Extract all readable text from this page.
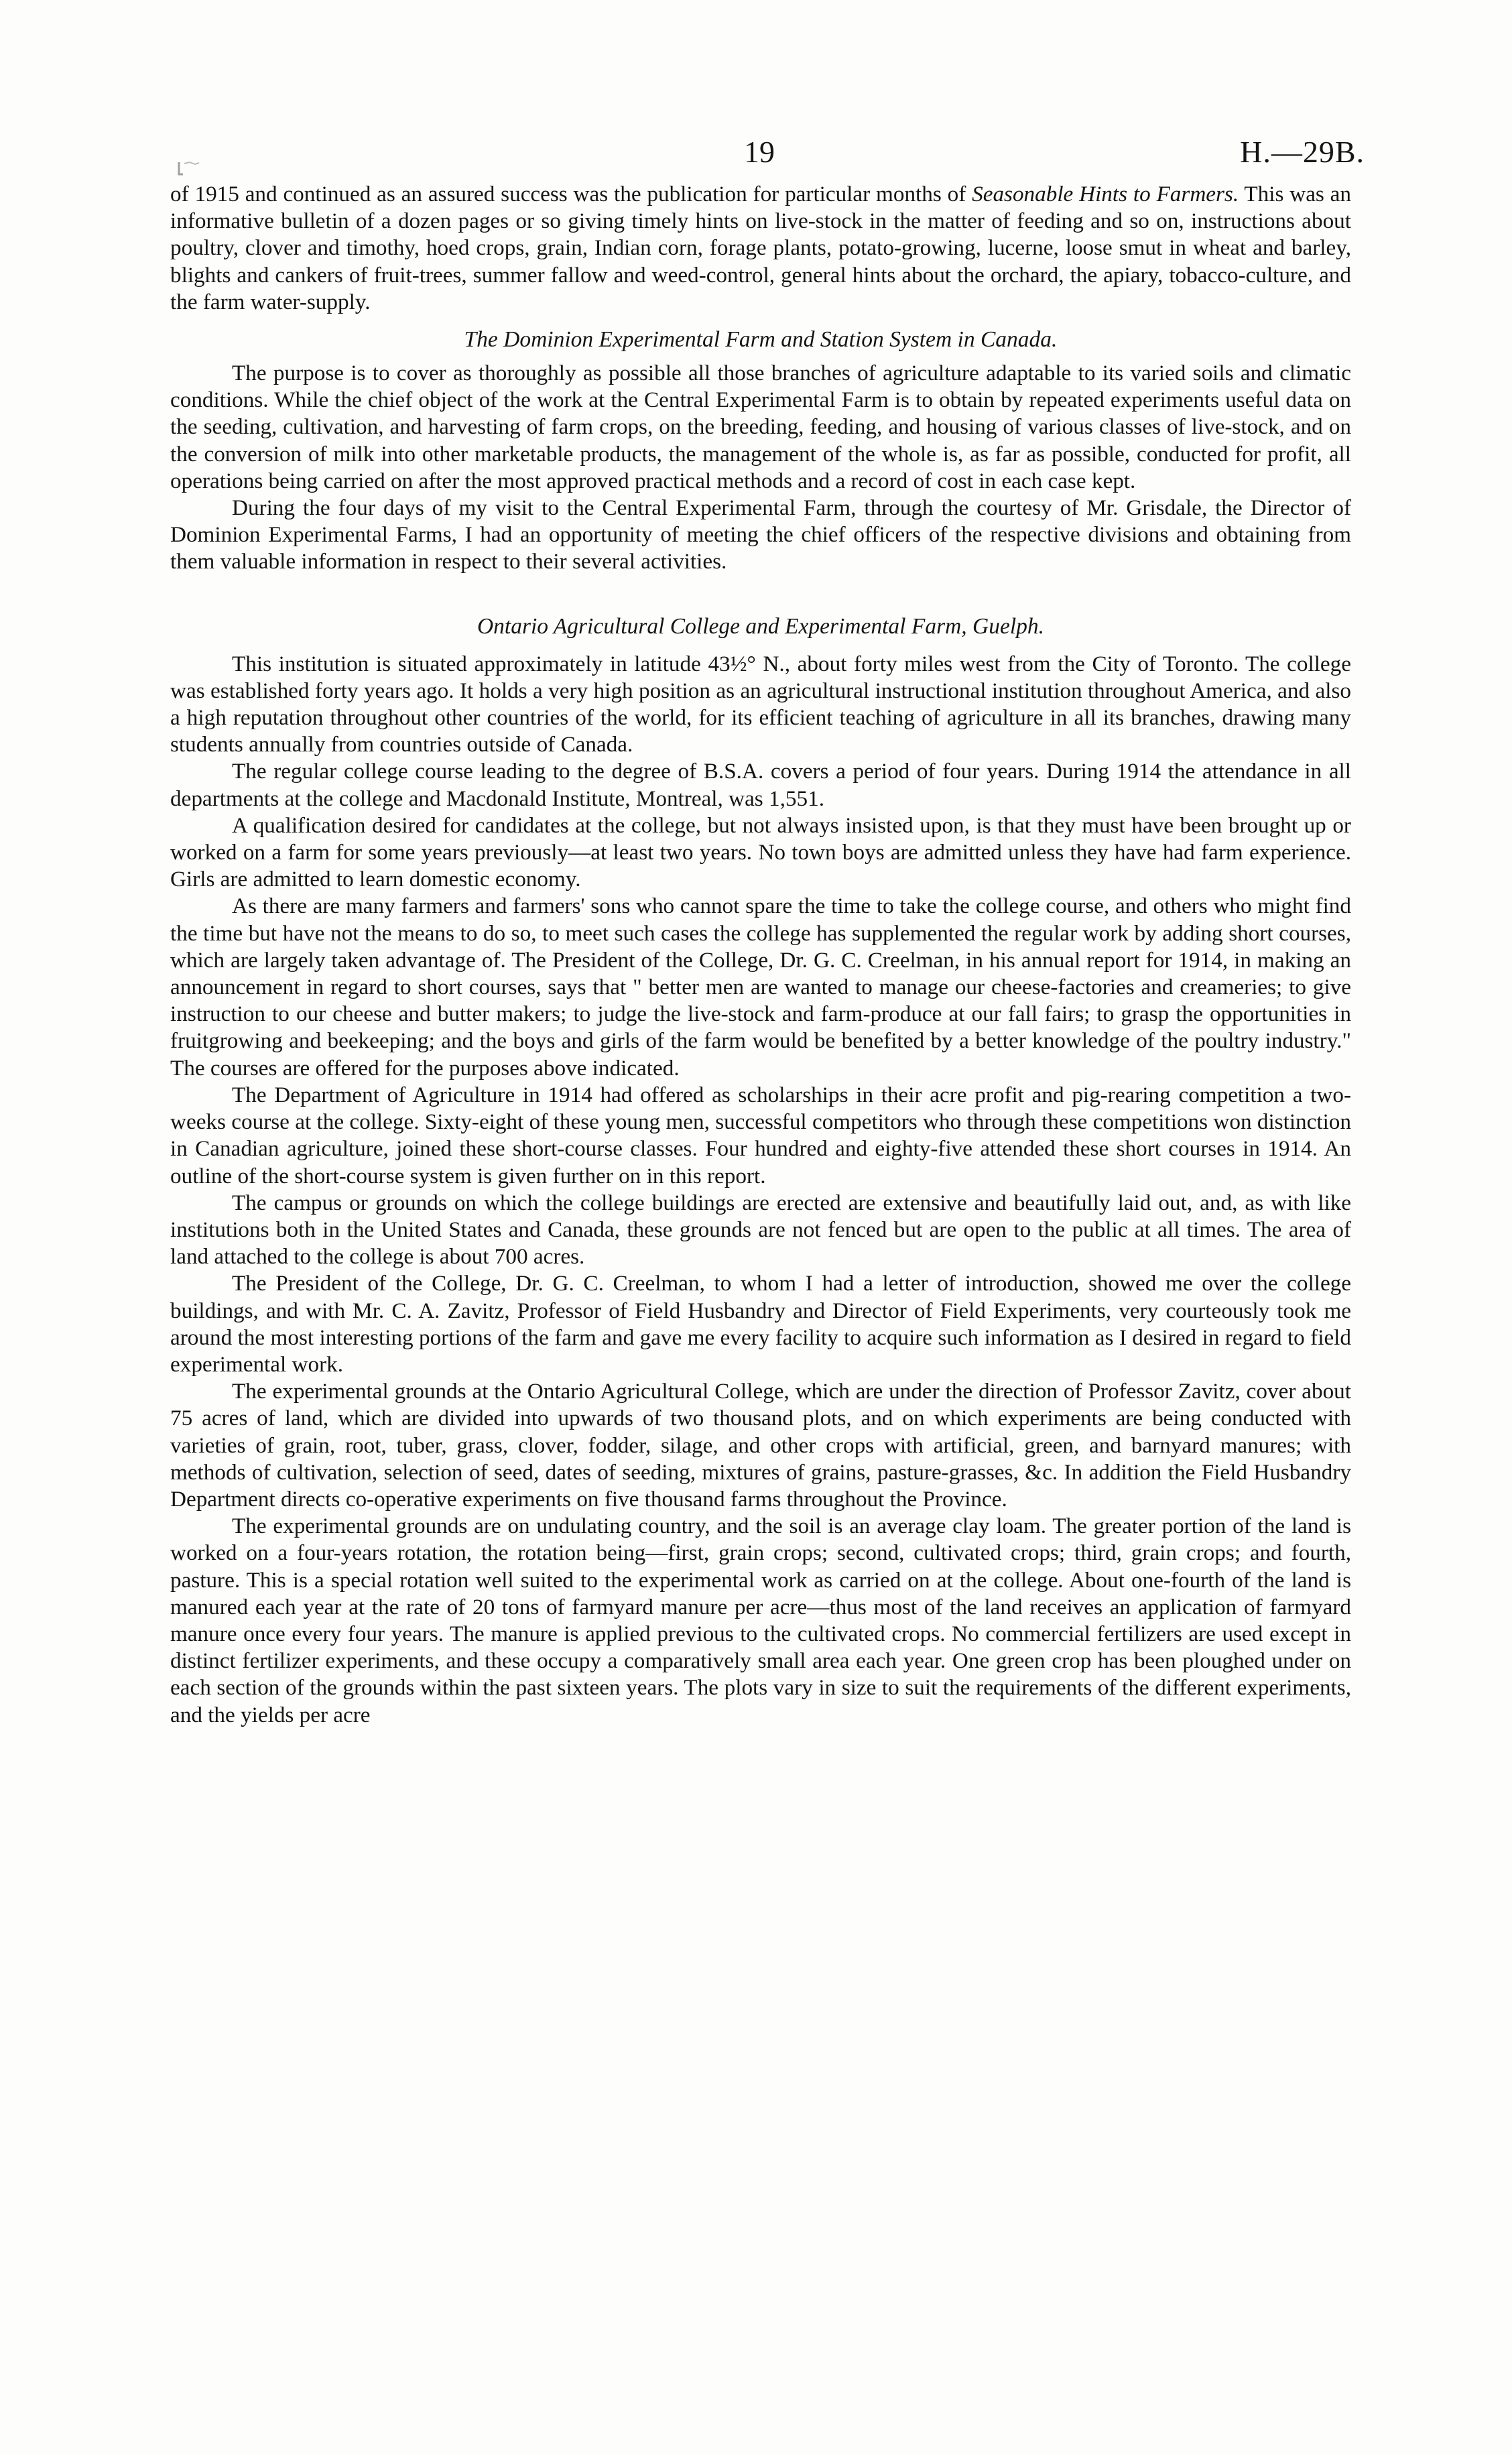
19	H.—29B.

of 1915 and continued as an assured success was the publication for particular months of Seasonable Hints to Farmers. This was an informative bulletin of a dozen pages or so giving timely hints on live-stock in the matter of feeding and so on, instructions about poultry, clover and timothy, hoed crops, grain, Indian corn, forage plants, potato-growing, lucerne, loose smut in wheat and barley, blights and cankers of fruit-trees, summer fallow and weed-control, general hints about the orchard, the apiary, tobacco-culture, and the farm water-supply.

The Dominion Experimental Farm and Station System in Canada.

The purpose is to cover as thoroughly as possible all those branches of agriculture adaptable to its varied soils and climatic conditions. While the chief object of the work at the Central Experimental Farm is to obtain by repeated experiments useful data on the seeding, cultivation, and harvesting of farm crops, on the breeding, feeding, and housing of various classes of live-stock, and on the conversion of milk into other marketable products, the management of the whole is, as far as possible, conducted for profit, all operations being carried on after the most approved practical methods and a record of cost in each case kept.

During the four days of my visit to the Central Experimental Farm, through the courtesy of Mr. Grisdale, the Director of Dominion Experimental Farms, I had an opportunity of meeting the chief officers of the respective divisions and obtaining from them valuable information in respect to their several activities.

Ontario Agricultural College and Experimental Farm, Guelph.

This institution is situated approximately in latitude 43½° N., about forty miles west from the City of Toronto. The college was established forty years ago. It holds a very high position as an agricultural instructional institution throughout America, and also a high reputation throughout other countries of the world, for its efficient teaching of agriculture in all its branches, drawing many students annually from countries outside of Canada.

The regular college course leading to the degree of B.S.A. covers a period of four years. During 1914 the attendance in all departments at the college and Macdonald Institute, Montreal, was 1,551.

A qualification desired for candidates at the college, but not always insisted upon, is that they must have been brought up or worked on a farm for some years previously—at least two years. No town boys are admitted unless they have had farm experience. Girls are admitted to learn domestic economy.

As there are many farmers and farmers' sons who cannot spare the time to take the college course, and others who might find the time but have not the means to do so, to meet such cases the college has supplemented the regular work by adding short courses, which are largely taken advantage of. The President of the College, Dr. G. C. Creelman, in his annual report for 1914, in making an announcement in regard to short courses, says that " better men are wanted to manage our cheese-factories and creameries; to give instruction to our cheese and butter makers; to judge the live-stock and farm-produce at our fall fairs; to grasp the opportunities in fruitgrowing and beekeeping; and the boys and girls of the farm would be benefited by a better knowledge of the poultry industry." The courses are offered for the purposes above indicated.

The Department of Agriculture in 1914 had offered as scholarships in their acre profit and pig-rearing competition a two-weeks course at the college. Sixty-eight of these young men, successful competitors who through these competitions won distinction in Canadian agriculture, joined these short-course classes. Four hundred and eighty-five attended these short courses in 1914. An outline of the short-course system is given further on in this report.

The campus or grounds on which the college buildings are erected are extensive and beautifully laid out, and, as with like institutions both in the United States and Canada, these grounds are not fenced but are open to the public at all times. The area of land attached to the college is about 700 acres.

The President of the College, Dr. G. C. Creelman, to whom I had a letter of introduction, showed me over the college buildings, and with Mr. C. A. Zavitz, Professor of Field Husbandry and Director of Field Experiments, very courteously took me around the most interesting portions of the farm and gave me every facility to acquire such information as I desired in regard to field experimental work.

The experimental grounds at the Ontario Agricultural College, which are under the direction of Professor Zavitz, cover about 75 acres of land, which are divided into upwards of two thousand plots, and on which experiments are being conducted with varieties of grain, root, tuber, grass, clover, fodder, silage, and other crops with artificial, green, and barnyard manures; with methods of cultivation, selection of seed, dates of seeding, mixtures of grains, pasture-grasses, &c. In addition the Field Husbandry Department directs co-operative experiments on five thousand farms throughout the Province.

The experimental grounds are on undulating country, and the soil is an average clay loam. The greater portion of the land is worked on a four-years rotation, the rotation being—first, grain crops; second, cultivated crops; third, grain crops; and fourth, pasture. This is a special rotation well suited to the experimental work as carried on at the college. About one-fourth of the land is manured each year at the rate of 20 tons of farmyard manure per acre—thus most of the land receives an application of farmyard manure once every four years. The manure is applied previous to the cultivated crops. No commercial fertilizers are used except in distinct fertilizer experiments, and these occupy a comparatively small area each year. One green crop has been ploughed under on each section of the grounds within the past sixteen years. The plots vary in size to suit the requirements of the different experiments, and the yields per acre
